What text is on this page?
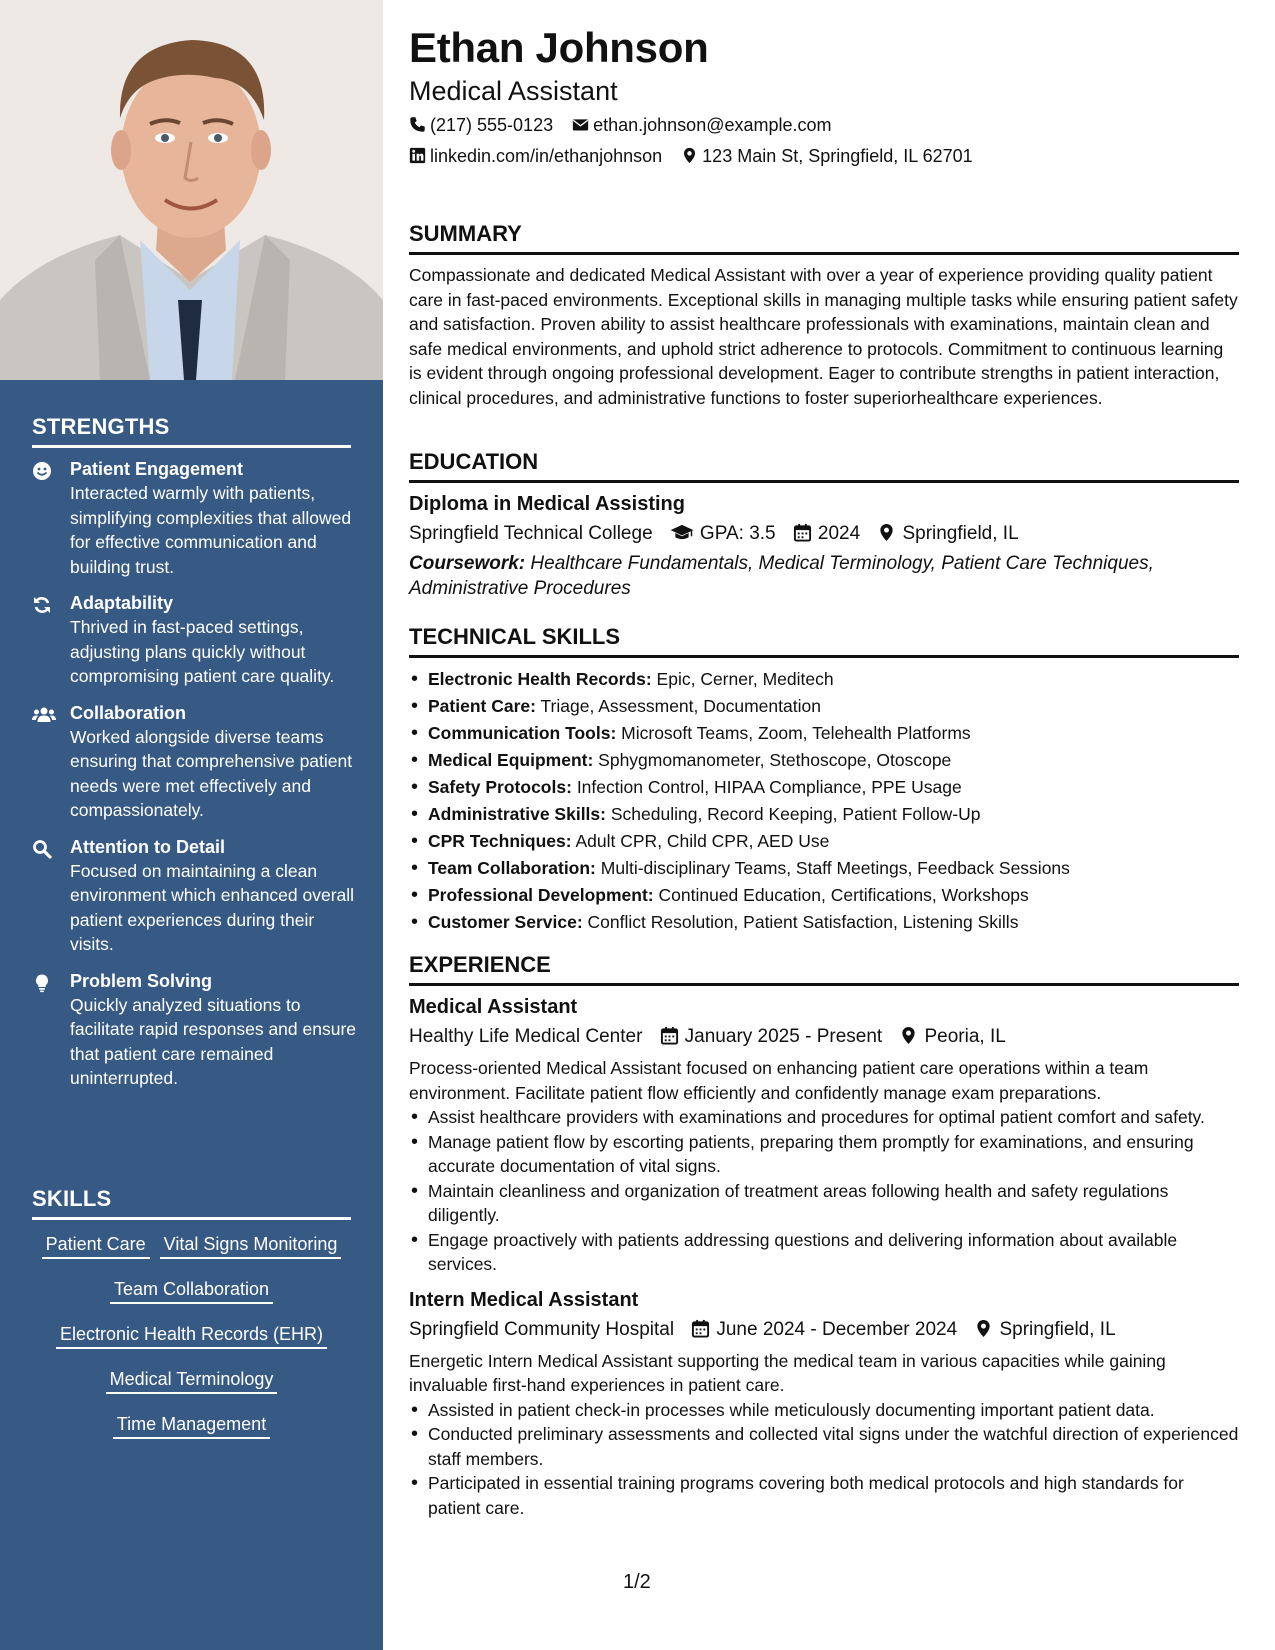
STRENGTHS
Patient Engagement
Interacted warmly with patients, simplifying complexities that allowed for effective communication and building trust.
Adaptability
Thrived in fast-paced settings, adjusting plans quickly without compromising patient care quality.
Collaboration
Worked alongside diverse teams ensuring that comprehensive patient needs were met effectively and compassionately.
Attention to Detail
Focused on maintaining a clean environment which enhanced overall patient experiences during their visits.
Problem Solving
Quickly analyzed situations to facilitate rapid responses and ensure that patient care remained uninterrupted.
SKILLS
Patient Care Vital Signs Monitoring
Team Collaboration
Electronic Health Records (EHR)
Medical Terminology
Time Management
Ethan Johnson
Medical Assistant
(217) 555-0123 ethan.johnson@example.com
linkedin.com/in/ethanjohnson 123 Main St, Springfield, IL 62701
SUMMARY
Compassionate and dedicated Medical Assistant with over a year of experience providing quality patient care in fast-paced environments. Exceptional skills in managing multiple tasks while ensuring patient safety and satisfaction. Proven ability to assist healthcare professionals with examinations, maintain clean and safe medical environments, and uphold strict adherence to protocols. Commitment to continuous learning is evident through ongoing professional development. Eager to contribute strengths in patient interaction, clinical procedures, and administrative functions to foster superiorhealthcare experiences.
EDUCATION
Diploma in Medical Assisting
Springfield Technical College GPA: 3.5 2024 Springfield, IL
Coursework: Healthcare Fundamentals, Medical Terminology, Patient Care Techniques, Administrative Procedures
TECHNICAL SKILLS
• Electronic Health Records: Epic, Cerner, Meditech
• Patient Care: Triage, Assessment, Documentation
• Communication Tools: Microsoft Teams, Zoom, Telehealth Platforms
• Medical Equipment: Sphygmomanometer, Stethoscope, Otoscope
• Safety Protocols: Infection Control, HIPAA Compliance, PPE Usage
• Administrative Skills: Scheduling, Record Keeping, Patient Follow-Up
• CPR Techniques: Adult CPR, Child CPR, AED Use
• Team Collaboration: Multi-disciplinary Teams, Staff Meetings, Feedback Sessions
• Professional Development: Continued Education, Certifications, Workshops
• Customer Service: Conflict Resolution, Patient Satisfaction, Listening Skills
EXPERIENCE
Medical Assistant
Healthy Life Medical Center January 2025 - Present Peoria, IL
Process-oriented Medical Assistant focused on enhancing patient care operations within a team environment. Facilitate patient flow efficiently and confidently manage exam preparations.
• Assist healthcare providers with examinations and procedures for optimal patient comfort and safety.
• Manage patient flow by escorting patients, preparing them promptly for examinations, and ensuring accurate documentation of vital signs.
• Maintain cleanliness and organization of treatment areas following health and safety regulations diligently.
• Engage proactively with patients addressing questions and delivering information about available services.
Intern Medical Assistant
Springfield Community Hospital June 2024 - December 2024 Springfield, IL
Energetic Intern Medical Assistant supporting the medical team in various capacities while gaining invaluable first-hand experiences in patient care.
• Assisted in patient check-in processes while meticulously documenting important patient data.
• Conducted preliminary assessments and collected vital signs under the watchful direction of experienced staff members.
• Participated in essential training programs covering both medical protocols and high standards for patient care.
1/2
